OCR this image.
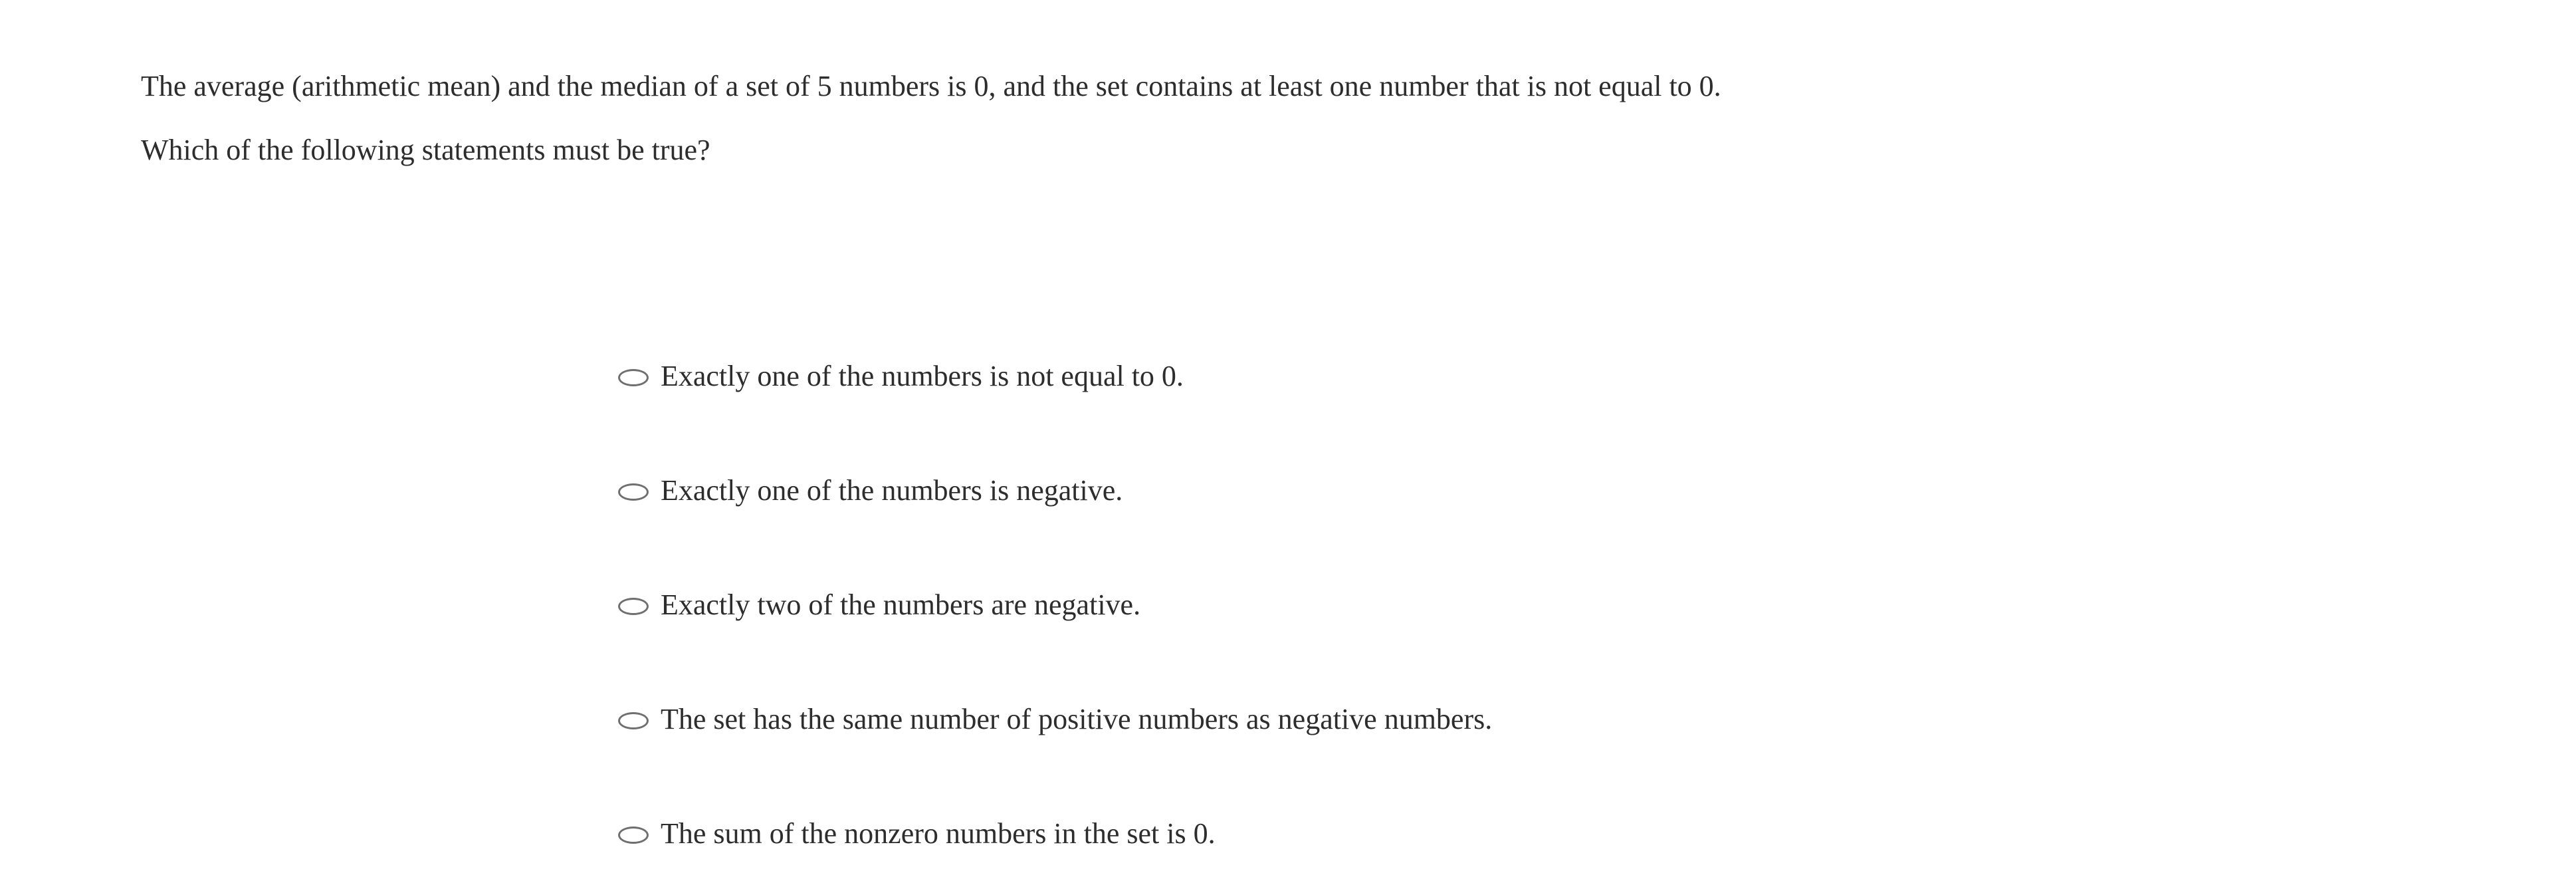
The average (arithmetic mean) and the median of a set of 5 numbers is 0, and the set contains at least one number that is not equal to 0.
Which of the following statements must be true?
Exactly one of the numbers is not equal to 0.
Exactly one of the numbers is negative.
Exactly two of the numbers are negative.
The set has the same number of positive numbers as negative numbers.
The sum of the nonzero numbers in the set is 0.
